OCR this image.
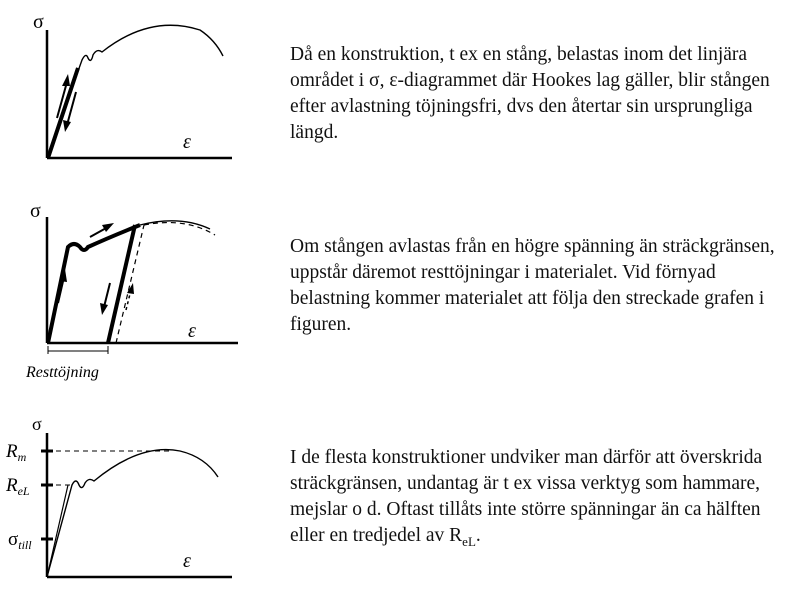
σ
ε
σ
ε
Resttöjning
σ
ε
$R_m$
$R_{eL}$
$\sigma_{till}$

Då en konstruktion, t ex en stång, belastas inom det linjära området i σ, ε-diagrammet där Hookes lag gäller, blir stången efter avlastning töjningsfri, dvs den återtar sin ursprungliga längd.

Om stången avlastas från en högre spänning än sträckgränsen, uppstår däremot resttöjningar i materialet. Vid förnyad belastning kommer materialet att följa den streckade grafen i figuren.

I de flesta konstruktioner undviker man därför att överskrida sträckgränsen, undantag är t ex vissa verktyg som hammare, mejslar o d. Oftast tillåts inte större spänningar än ca hälften eller en tredjedel av $R_{eL}$.
